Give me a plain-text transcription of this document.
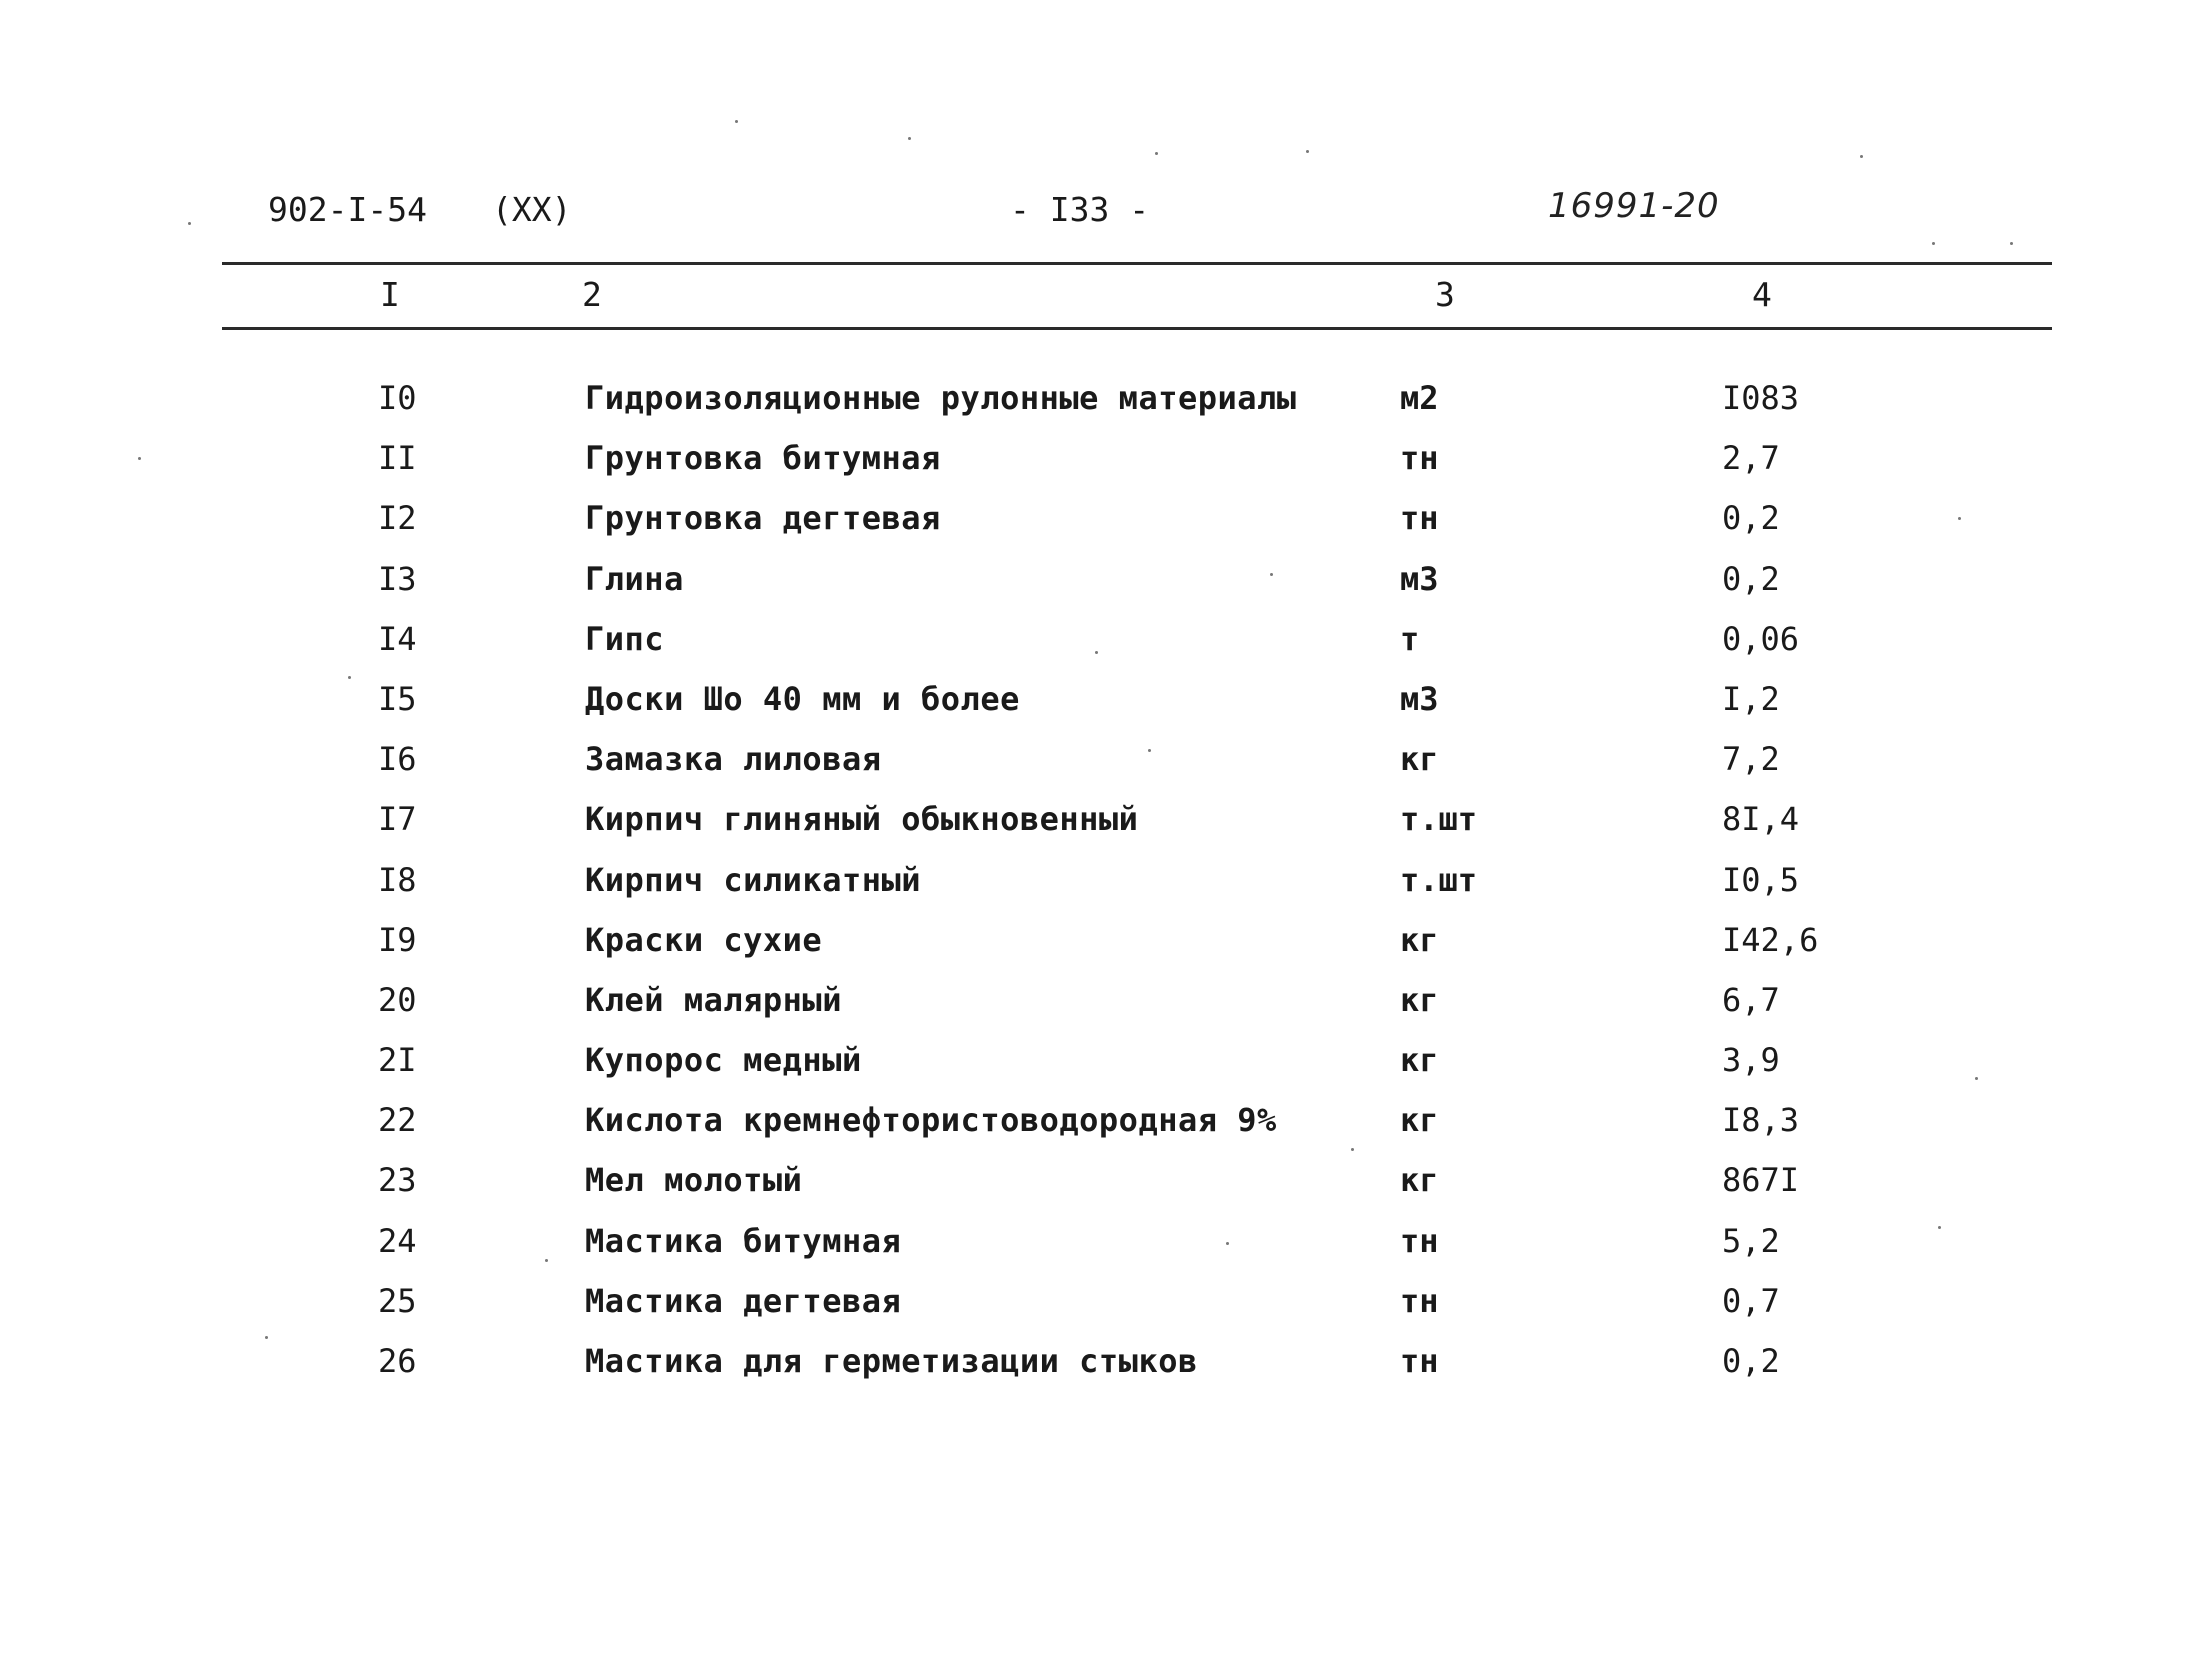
902-I-54 (XX)	- I33 -	16991-20
I	2	3	4
I0	Гидроизоляционные рулонные материалы	м2	I083
II	Грунтовка битумная	тн	2,7
I2	Грунтовка дегтевая	тн	0,2
I3	Глина	м3	0,2
I4	Гипс	т	0,06
I5	Доски Шо 40 мм и более	м3	I,2
I6	Замазка лиловая	кг	7,2
I7	Кирпич глиняный обыкновенный	т.шт	8I,4
I8	Кирпич силикатный	т.шт	I0,5
I9	Краски сухие	кг	I42,6
20	Клей малярный	кг	6,7
2I	Купорос медный	кг	3,9
22	Кислота кремнефтористоводородная 9%	кг	I8,3
23	Мел молотый	кг	867I
24	Мастика битумная	тн	5,2
25	Мастика дегтевая	тн	0,7
26	Мастика для герметизации стыков	тн	0,2
